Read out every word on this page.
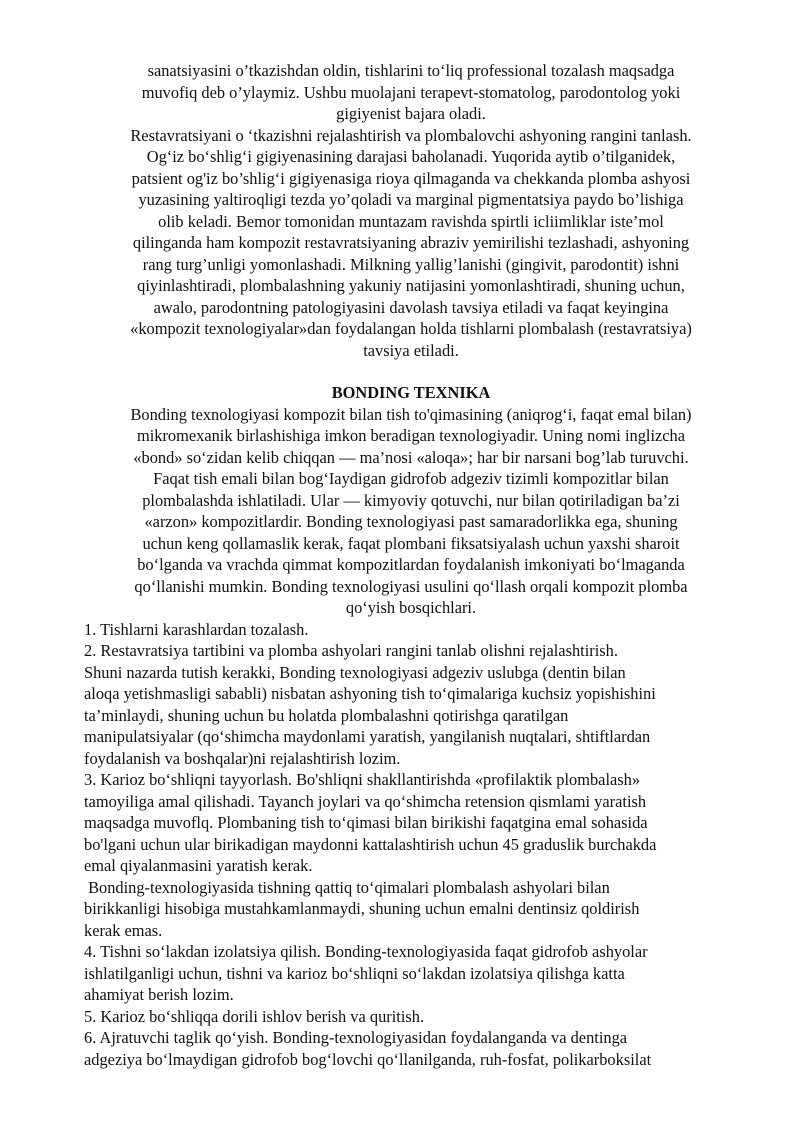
sanatsiyasini o’tkazishdan oldin, tishlarini to‘liq professional tozalash maqsadga

muvofiq deb o’ylaymiz. Ushbu muolajani terapevt-stomatolog, parodontolog yoki

gigiyenist bajara oladi.

Restavratsiyani o ‘tkazishni rejalashtirish va plombalovchi ashyoning rangini tanlash.

Og‘iz bo‘shlig‘i gigiyenasining darajasi baholanadi. Yuqorida aytib o’tilganidek,

patsient og'iz bo’shlig‘i gigiyenasiga rioya qilmaganda va chekkanda plomba ashyosi

yuzasining yaltiroqligi tezda yo’qoladi va marginal pigmentatsiya paydo bo’lishiga

olib keladi. Bemor tomonidan muntazam ravishda spirtli icliimliklar iste’mol

qilinganda ham kompozit restavratsiyaning abraziv yemirilishi tezlashadi, ashyoning

rang turg’unligi yomonlashadi. Milkning yallig’lanishi (gingivit, parodontit) ishni

qiyinlashtiradi, plombalashning yakuniy natijasini yomonlashtiradi, shuning uchun,

awalo, parodontning patologiyasini davolash tavsiya etiladi va faqat keyingina

«kompozit texnologiyalar»dan foydalangan holda tishlarni plombalash (restavratsiya)

tavsiya etiladi.

BONDING TEXNIKA

Bonding texnologiyasi kompozit bilan tish to'qimasining (aniqrog‘i, faqat emal bilan)

mikromexanik birlashishiga imkon beradigan texnologiyadir. Uning nomi inglizcha

«bond» so‘zidan kelib chiqqan — ma’nosi «aloqa»; har bir narsani bog’lab turuvchi.

Faqat tish emali bilan bog‘Iaydigan gidrofob adgeziv tizimli kompozitlar bilan

plombalashda ishlatiladi. Ular — kimyoviy qotuvchi, nur bilan qotiriladigan ba’zi

«arzon» kompozitlardir. Bonding texnologiyasi past samaradorlikka ega, shuning

uchun keng qollamaslik kerak, faqat plombani fiksatsiyalash uchun yaxshi sharoit

bo‘lganda va vrachda qimmat kompozitlardan foydalanish imkoniyati bo‘lmaganda

qo‘llanishi mumkin. Bonding texnologiyasi usulini qo‘llash orqali kompozit plomba

qo‘yish bosqichlari.

1. Tishlarni karashlardan tozalash.

2. Restavratsiya tartibini va plomba ashyolari rangini tanlab olishni rejalashtirish.

Shuni nazarda tutish kerakki, Bonding texnologiyasi adgeziv uslubga (dentin bilan

aloqa yetishmasligi sababli) nisbatan ashyoning tish to‘qimalariga kuchsiz yopishishini

ta’minlaydi, shuning uchun bu holatda plombalashni qotirishga qaratilgan

manipulatsiyalar (qo‘shimcha maydonlami yaratish, yangilanish nuqtalari, shtiftlardan

foydalanish va boshqalar)ni rejalashtirish lozim.

3. Karioz bo‘shliqni tayyorlash. Bo'shliqni shakllantirishda «profilaktik plombalash»

tamoyiliga amal qilishadi. Tayanch joylari va qo‘shimcha retension qismlami yaratish

maqsadga muvoflq. Plombaning tish to‘qimasi bilan birikishi faqatgina emal sohasida

bo'lgani uchun ular birikadigan maydonni kattalashtirish uchun 45 graduslik burchakda

emal qiyalanmasini yaratish kerak.

Bonding-texnologiyasida tishning qattiq to‘qimalari plombalash ashyolari bilan

birikkanligi hisobiga mustahkamlanmaydi, shuning uchun emalni dentinsiz qoldirish

kerak emas.

4. Tishni so‘lakdan izolatsiya qilish. Bonding-texnologiyasida faqat gidrofob ashyolar

ishlatilganligi uchun, tishni va karioz bo‘shliqni so‘lakdan izolatsiya qilishga katta

ahamiyat berish lozim.

5. Karioz bo‘shliqqa dorili ishlov berish va quritish.

6. Ajratuvchi taglik qo‘yish. Bonding-texnologiyasidan foydalanganda va dentinga

adgeziya bo‘lmaydigan gidrofob bog‘lovchi qo‘llanilganda, ruh-fosfat, polikarboksilat
